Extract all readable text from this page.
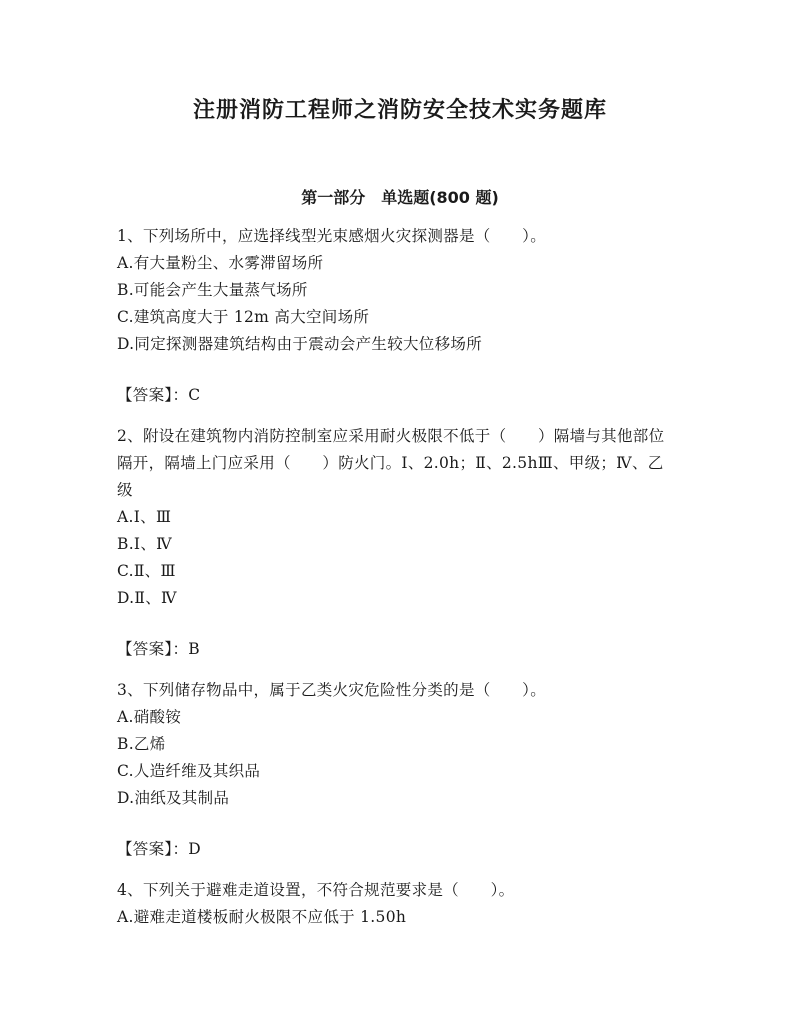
注册消防工程师之消防安全技术实务题库
第一部分　单选题(800 题)

1、下列场所中，应选择线型光束感烟火灾探测器是（　　）。

A.有大量粉尘、水雾滞留场所
B.可能会产生大量蒸气场所
C.建筑高度大于 12m 高大空间场所
D.同定探测器建筑结构由于震动会产生较大位移场所

【答案】：C

2、附设在建筑物内消防控制室应采用耐火极限不低于（　　）隔墙与其他部位隔开，隔墙上门应采用（　　）防火门。Ⅰ、2.0h；Ⅱ、2.5hⅢ、甲级；Ⅳ、乙级

A.Ⅰ、Ⅲ
B.Ⅰ、Ⅳ
C.Ⅱ、Ⅲ
D.Ⅱ、Ⅳ

【答案】：B

3、下列储存物品中，属于乙类火灾危险性分类的是（　　）。

A.硝酸铵
B.乙烯
C.人造纤维及其织品
D.油纸及其制品

【答案】：D

4、下列关于避难走道设置，不符合规范要求是（　　）。

A.避难走道楼板耐火极限不应低于 1.50h
